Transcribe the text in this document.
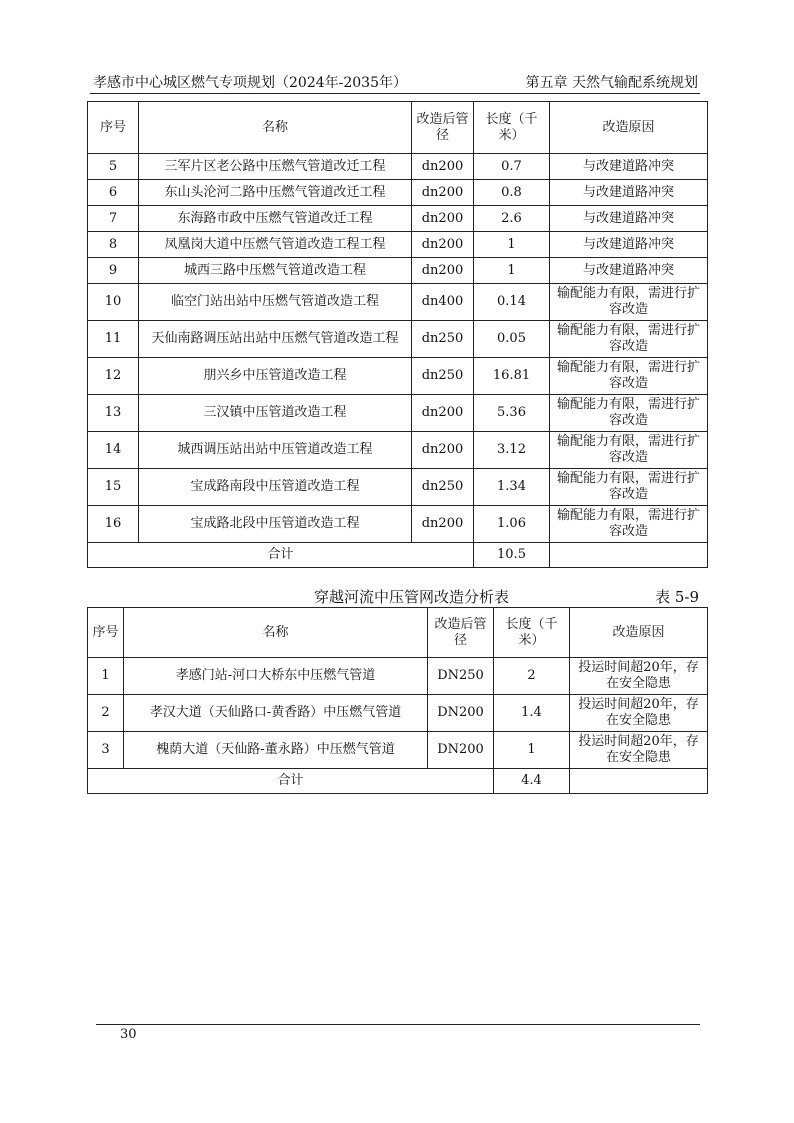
孝感市中心城区燃气专项规划（2024年-2035年）	第五章 天然气输配系统规划
序号	名称	改造后管径	长度（千米）	改造原因
5	三军片区老公路中压燃气管道改迁工程	dn200	0.7	与改建道路冲突
6	东山头沦河二路中压燃气管道改迁工程	dn200	0.8	与改建道路冲突
7	东海路市政中压燃气管道改迁工程	dn200	2.6	与改建道路冲突
8	凤凰岗大道中压燃气管道改造工程工程	dn200	1	与改建道路冲突
9	城西三路中压燃气管道改造工程	dn200	1	与改建道路冲突
10	临空门站出站中压燃气管道改造工程	dn400	0.14	输配能力有限，需进行扩容改造
11	天仙南路调压站出站中压燃气管道改造工程	dn250	0.05	输配能力有限，需进行扩容改造
12	朋兴乡中压管道改造工程	dn250	16.81	输配能力有限，需进行扩容改造
13	三汉镇中压管道改造工程	dn200	5.36	输配能力有限，需进行扩容改造
14	城西调压站出站中压管道改造工程	dn200	3.12	输配能力有限，需进行扩容改造
15	宝成路南段中压管道改造工程	dn250	1.34	输配能力有限，需进行扩容改造
16	宝成路北段中压管道改造工程	dn200	1.06	输配能力有限，需进行扩容改造
合计			10.5	
穿越河流中压管网改造分析表	表 5-9
序号	名称	改造后管径	长度（千米）	改造原因
1	孝感门站-河口大桥东中压燃气管道	DN250	2	投运时间超20年，存在安全隐患
2	孝汉大道（天仙路口-黄香路）中压燃气管道	DN200	1.4	投运时间超20年，存在安全隐患
3	槐荫大道（天仙路-董永路）中压燃气管道	DN200	1	投运时间超20年，存在安全隐患
合计			4.4	
30
